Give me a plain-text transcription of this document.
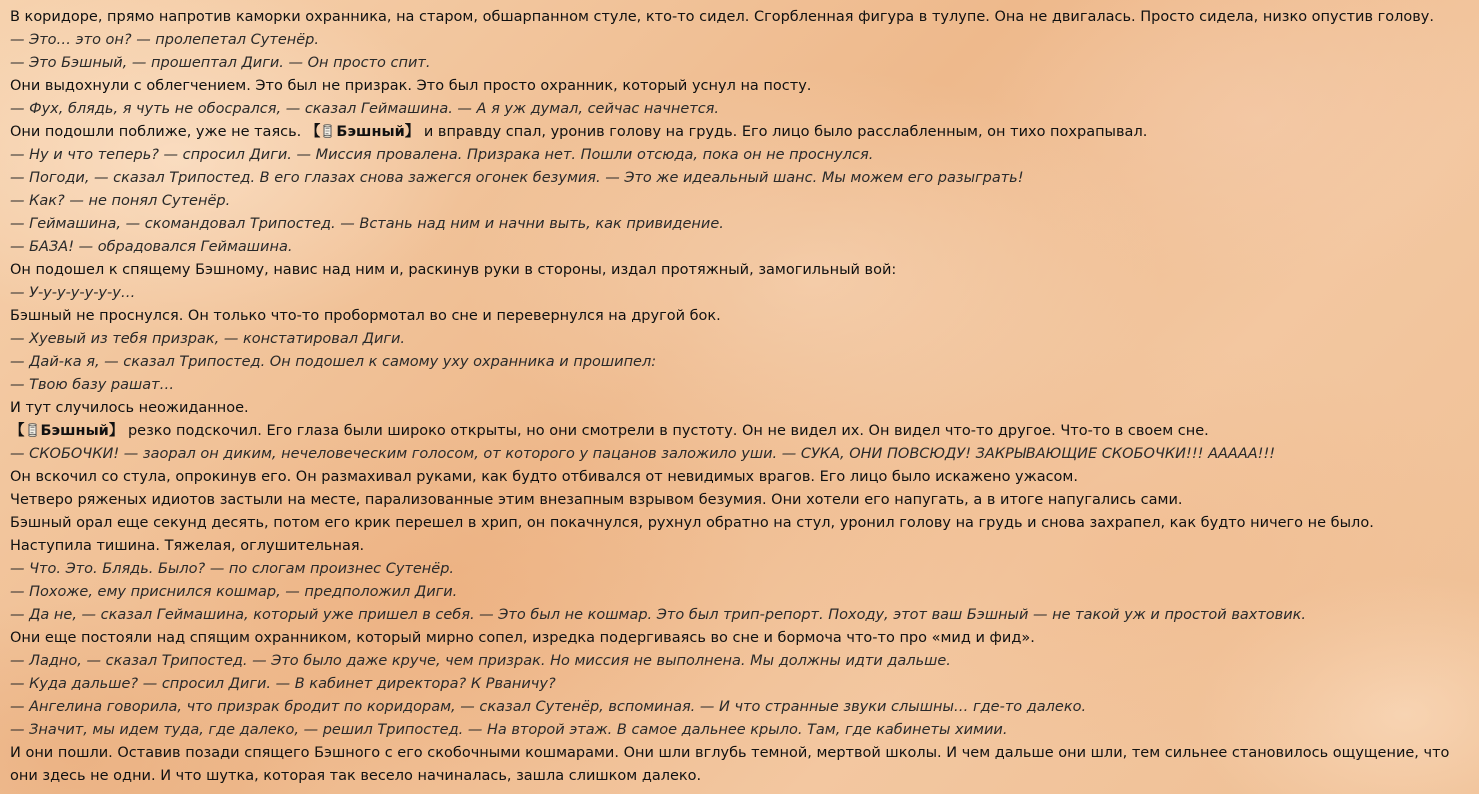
В коридоре, прямо напротив каморки охранника, на старом, обшарпанном стуле, кто-то сидел. Сгорбленная фигура в тулупе. Она не двигалась. Просто сидела, низко опустив голову.

— Это… это он? — пролепетал Сутенёр.

— Это Бэшный, — прошептал Диги. — Он просто спит.

Они выдохнули с облегчением. Это был не призрак. Это был просто охранник, который уснул на посту.

— Фух, блядь, я чуть не обосрался, — сказал Геймашина. — А я уж думал, сейчас начнется.

Они подошли поближе, уже не таясь. 【 Бэшный】 и вправду спал, уронив голову на грудь. Его лицо было расслабленным, он тихо похрапывал.

— Ну и что теперь? — спросил Диги. — Миссия провалена. Призрака нет. Пошли отсюда, пока он не проснулся.

— Погоди, — сказал Трипостед. В его глазах снова зажегся огонек безумия. — Это же идеальный шанс. Мы можем его разыграть!

— Как? — не понял Сутенёр.

— Геймашина, — скомандовал Трипостед. — Встань над ним и начни выть, как привидение.

— БАЗА! — обрадовался Геймашина.

Он подошел к спящему Бэшному, навис над ним и, раскинув руки в стороны, издал протяжный, замогильный вой:

— У-у-у-у-у-у-у…

Бэшный не проснулся. Он только что-то пробормотал во сне и перевернулся на другой бок.

— Хуевый из тебя призрак, — констатировал Диги.

— Дай-ка я, — сказал Трипостед. Он подошел к самому уху охранника и прошипел:

— Твою базу рашат…

И тут случилось неожиданное.

【 Бэшный】 резко подскочил. Его глаза были широко открыты, но они смотрели в пустоту. Он не видел их. Он видел что-то другое. Что-то в своем сне.

— СКОБОЧКИ! — заорал он диким, нечеловеческим голосом, от которого у пацанов заложило уши. — СУКА, ОНИ ПОВСЮДУ! ЗАКРЫВАЮЩИЕ СКОБОЧКИ!!! ААААА!!!

Он вскочил со стула, опрокинув его. Он размахивал руками, как будто отбивался от невидимых врагов. Его лицо было искажено ужасом.

Четверо ряженых идиотов застыли на месте, парализованные этим внезапным взрывом безумия. Они хотели его напугать, а в итоге напугались сами.

Бэшный орал еще секунд десять, потом его крик перешел в хрип, он покачнулся, рухнул обратно на стул, уронил голову на грудь и снова захрапел, как будто ничего не было.

Наступила тишина. Тяжелая, оглушительная.

— Что. Это. Блядь. Было? — по слогам произнес Сутенёр.

— Похоже, ему приснился кошмар, — предположил Диги.

— Да не, — сказал Геймашина, который уже пришел в себя. — Это был не кошмар. Это был трип-репорт. Походу, этот ваш Бэшный — не такой уж и простой вахтовик.

Они еще постояли над спящим охранником, который мирно сопел, изредка подергиваясь во сне и бормоча что-то про «мид и фид».

— Ладно, — сказал Трипостед. — Это было даже круче, чем призрак. Но миссия не выполнена. Мы должны идти дальше.

— Куда дальше? — спросил Диги. — В кабинет директора? К Рваничу?

— Ангелина говорила, что призрак бродит по коридорам, — сказал Сутенёр, вспоминая. — И что странные звуки слышны… где-то далеко.

— Значит, мы идем туда, где далеко, — решил Трипостед. — На второй этаж. В самое дальнее крыло. Там, где кабинеты химии.

И они пошли. Оставив позади спящего Бэшного с его скобочными кошмарами. Они шли вглубь темной, мертвой школы. И чем дальше они шли, тем сильнее становилось ощущение, что они здесь не одни. И что шутка, которая так весело начиналась, зашла слишком далеко.
